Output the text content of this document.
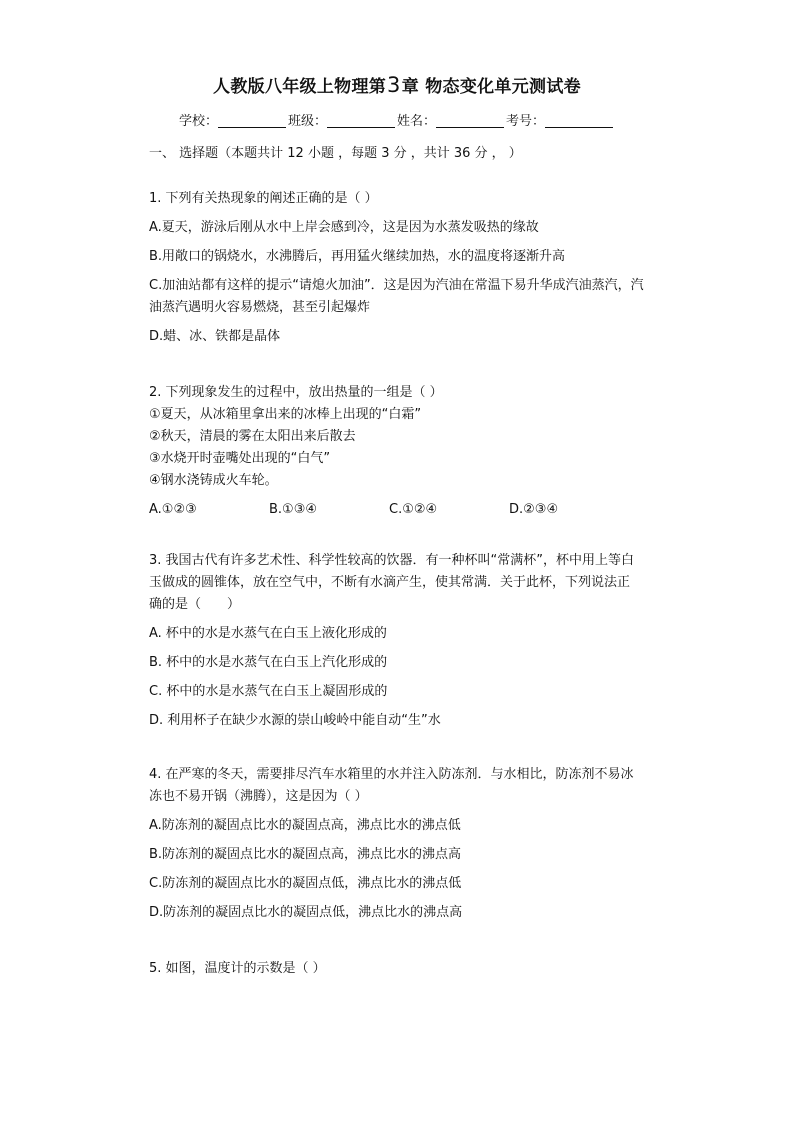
人教版八年级上物理第3章 物态变化单元测试卷
学校：	班级：	姓名：	考号：
一、 选择题（本题共计 12 小题 ，每题 3 分 ，共计 36 分 ， ）

1. 下列有关热现象的阐述正确的是（ ）

A.夏天，游泳后刚从水中上岸会感到冷，这是因为水蒸发吸热的缘故

B.用敞口的锅烧水，水沸腾后，再用猛火继续加热，水的温度将逐渐升高

C.加油站都有这样的提示“请熄火加油”．这是因为汽油在常温下易升华成汽油蒸汽，汽

油蒸汽遇明火容易燃烧，甚至引起爆炸

D.蜡、冰、铁都是晶体

2. 下列现象发生的过程中，放出热量的一组是（ ）

①夏天，从冰箱里拿出来的冰棒上出现的“白霜”

②秋天，清晨的雾在太阳出来后散去

③水烧开时壶嘴处出现的“白气”

④钢水浇铸成火车轮。

A.①②③	B.①③④	C.①②④	D.②③④

3. 我国古代有许多艺术性、科学性较高的饮器．有一种杯叫“常满杯”，杯中用上等白

玉做成的圆锥体，放在空气中，不断有水滴产生，使其常满．关于此杯，下列说法正

确的是（　　）

A. 杯中的水是水蒸气在白玉上液化形成的

B. 杯中的水是水蒸气在白玉上汽化形成的

C. 杯中的水是水蒸气在白玉上凝固形成的

D. 利用杯子在缺少水源的崇山峻岭中能自动“生”水

4. 在严寒的冬天，需要排尽汽车水箱里的水并注入防冻剂．与水相比，防冻剂不易冰

冻也不易开锅（沸腾），这是因为（ ）

A.防冻剂的凝固点比水的凝固点高，沸点比水的沸点低

B.防冻剂的凝固点比水的凝固点高，沸点比水的沸点高

C.防冻剂的凝固点比水的凝固点低，沸点比水的沸点低

D.防冻剂的凝固点比水的凝固点低，沸点比水的沸点高

5. 如图，温度计的示数是（ ）
